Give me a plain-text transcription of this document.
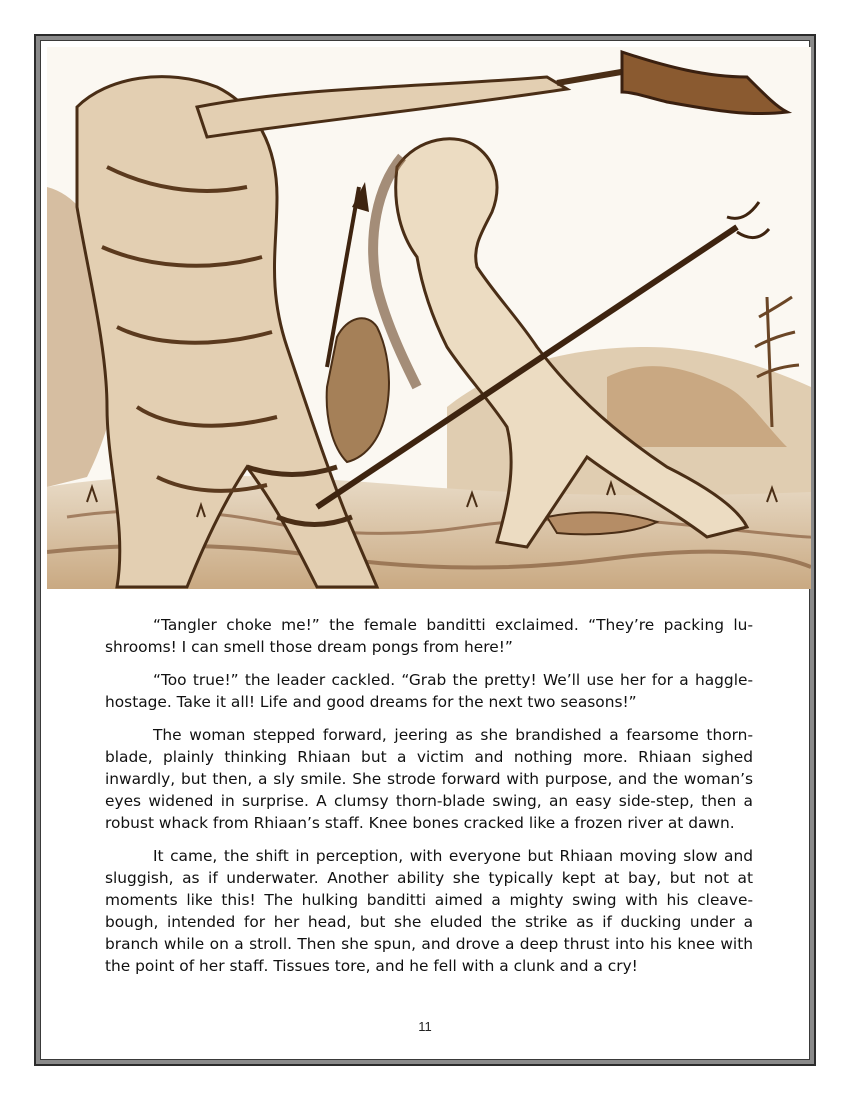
“Tangler choke me!” the female banditti exclaimed. “They’re packing lushrooms! I can smell those dream pongs from here!”

“Too true!” the leader cackled. “Grab the pretty! We’ll use her for a hagglehostage. Take it all! Life and good dreams for the next two seasons!”

The woman stepped forward, jeering as she brandished a fearsome thornblade, plainly thinking Rhiaan but a victim and nothing more. Rhiaan sighed inwardly, but then, a sly smile. She strode forward with purpose, and the woman’s eyes widened in surprise. A clumsy thorn-blade swing, an easy side-step, then a robust whack from Rhiaan’s staff. Knee bones cracked like a frozen river at dawn.

It came, the shift in perception, with everyone but Rhiaan moving slow and sluggish, as if underwater. Another ability she typically kept at bay, but not at moments like this! The hulking banditti aimed a mighty swing with his cleavebough, intended for her head, but she eluded the strike as if ducking under a branch while on a stroll. Then she spun, and drove a deep thrust into his knee with the point of her staff. Tissues tore, and he fell with a clunk and a cry!

11
